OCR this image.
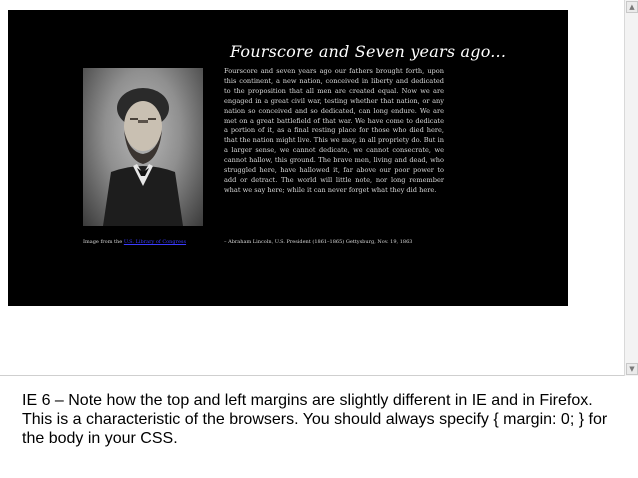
Image from the U.S. Library of Congress
Fourscore and Seven years ago...
Fourscore and seven years ago our fathers brought forth, upon this continent, a new nation, conceived in liberty and dedicated to the proposition that all men are created equal. Now we are engaged in a great civil war, testing whether that nation, or any nation so conceived and so dedicated, can long endure. We are met on a great battlefield of that war. We have come to dedicate a portion of it, as a final resting place for those who died here, that the nation might live. This we may, in all propriety do. But in a larger sense, we cannot dedicate, we cannot consecrate, we cannot hallow, this ground. The brave men, living and dead, who struggled here, have hallowed it, far above our poor power to add or detract. The world will little note, nor long remember what we say here; while it can never forget what they did here.
– Abraham Lincoln, U.S. President (1861–1865) Gettysburg, Nov. 19, 1863
▲
▼
IE 6 – Note how the top and left margins are slightly different in IE and in Firefox. This is a characteristic of the browsers. You should always specify { margin: 0; } for the body in your CSS.
